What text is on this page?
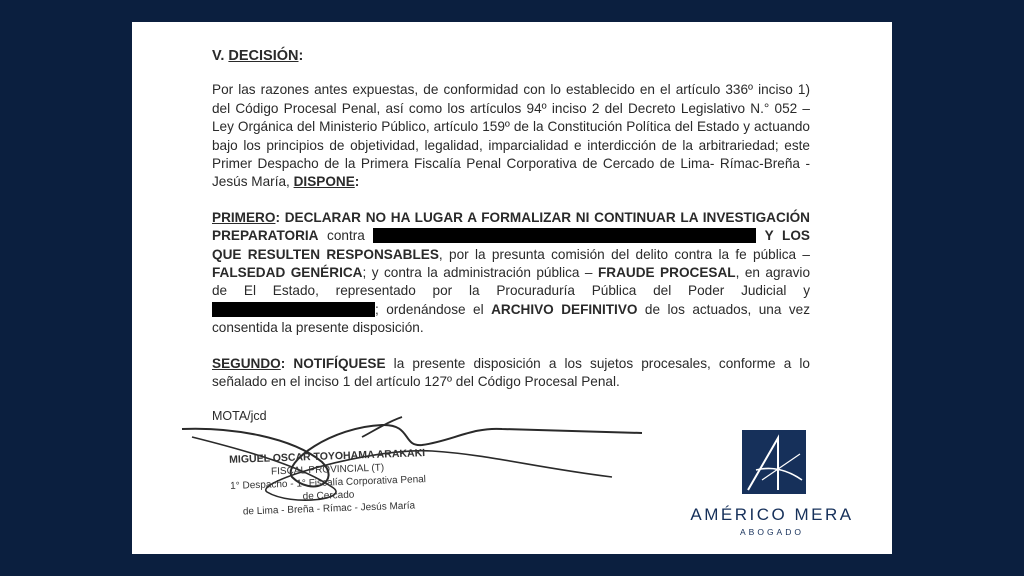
V. DECISIÓN:
Por las razones antes expuestas, de conformidad con lo establecido en el artículo 336º inciso 1) del Código Procesal Penal, así como los artículos 94º inciso 2 del Decreto Legislativo N.° 052 – Ley Orgánica del Ministerio Público, artículo 159º de la Constitución Política del Estado y actuando bajo los principios de objetividad, legalidad, imparcialidad e interdicción de la arbitrariedad; este Primer Despacho de la Primera Fiscalía Penal Corporativa de Cercado de Lima- Rímac-Breña -Jesús María, DISPONE:
PRIMERO: DECLARAR NO HA LUGAR A FORMALIZAR NI CONTINUAR LA INVESTIGACIÓN PREPARATORIA contra	Y LOS QUE RESULTEN RESPONSABLES, por la presunta comisión del delito contra la fe pública – FALSEDAD GENÉRICA; y contra la administración pública – FRAUDE PROCESAL, en agravio de El Estado, representado por la Procuraduría Pública del Poder Judicial y ; ordenándose el ARCHIVO DEFINITIVO de los actuados, una vez consentida la presente disposición.
SEGUNDO: NOTIFÍQUESE la presente disposición a los sujetos procesales, conforme a lo señalado en el inciso 1 del artículo 127º del Código Procesal Penal.
MOTA/jcd
MIGUEL OSCAR TOYOHAMA ARAKAKI
FISCAL PROVINCIAL (T)
1° Despacho - 1° Fiscalía Corporativa Penal de Cercado
de Lima - Breña - Rímac - Jesús María	AMÉRICO MERA
ABOGADO
